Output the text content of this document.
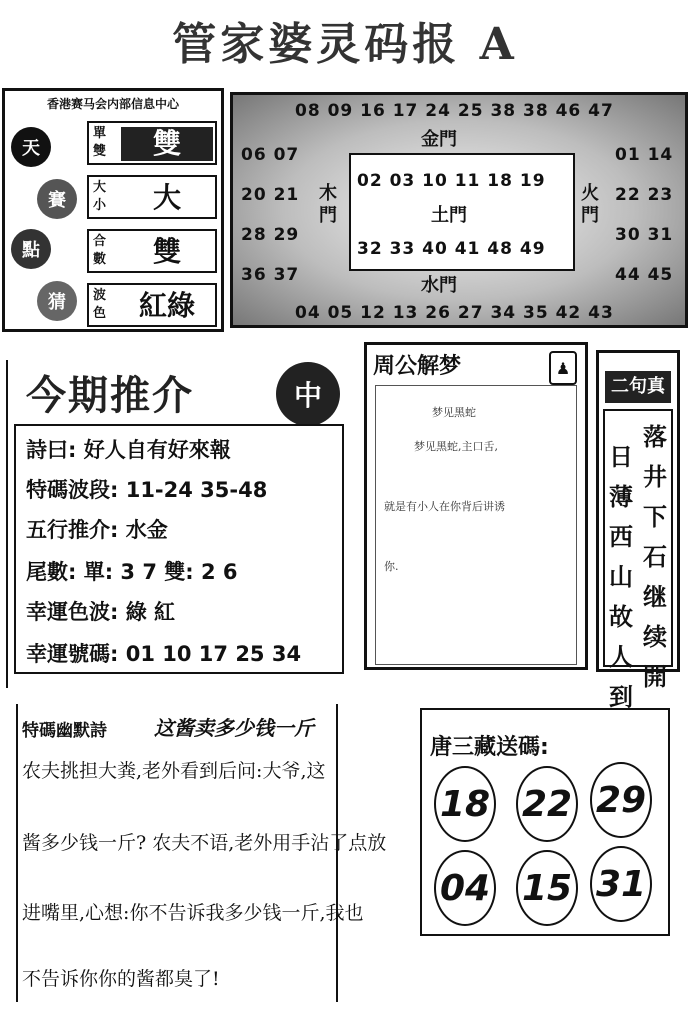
管家婆灵码报 A
香港赛马会内部信息中心
天
賽
點
猜
單雙	雙
大小	大
合數	雙
波色	紅綠
08 09 16 17 24 25 38 38 46 47
06 07
20 21
28 29
36 37
01 14
22 23
30 31
44 45
金門
木門
火門
水門
02 03 10 11 18 19
土門
32 33 40 41 48 49
04 05 12 13 26 27 34 35 42 43
今期推介	中
詩曰: 好人自有好來報
特碼波段: 11-24 35-48
五行推介: 水金
尾數: 單: 3 7 雙: 2 6
幸運色波: 綠 紅
幸運號碼: 01 10 17 25 34
周公解梦	♟
梦见黑蛇
梦见黑蛇,主口舌,
就是有小人在你背后讲诱
你.
二句真
日薄西山故人到
落井下石继续開
特碼幽默詩 这酱卖多少钱一斤
农夫挑担大粪,老外看到后问:大爷,这
酱多少钱一斤? 农夫不语,老外用手沾了点放
进嘴里,心想:你不告诉我多少钱一斤,我也
不告诉你你的酱都臭了!
唐三藏送碼:
18 22 29
04 15 31
